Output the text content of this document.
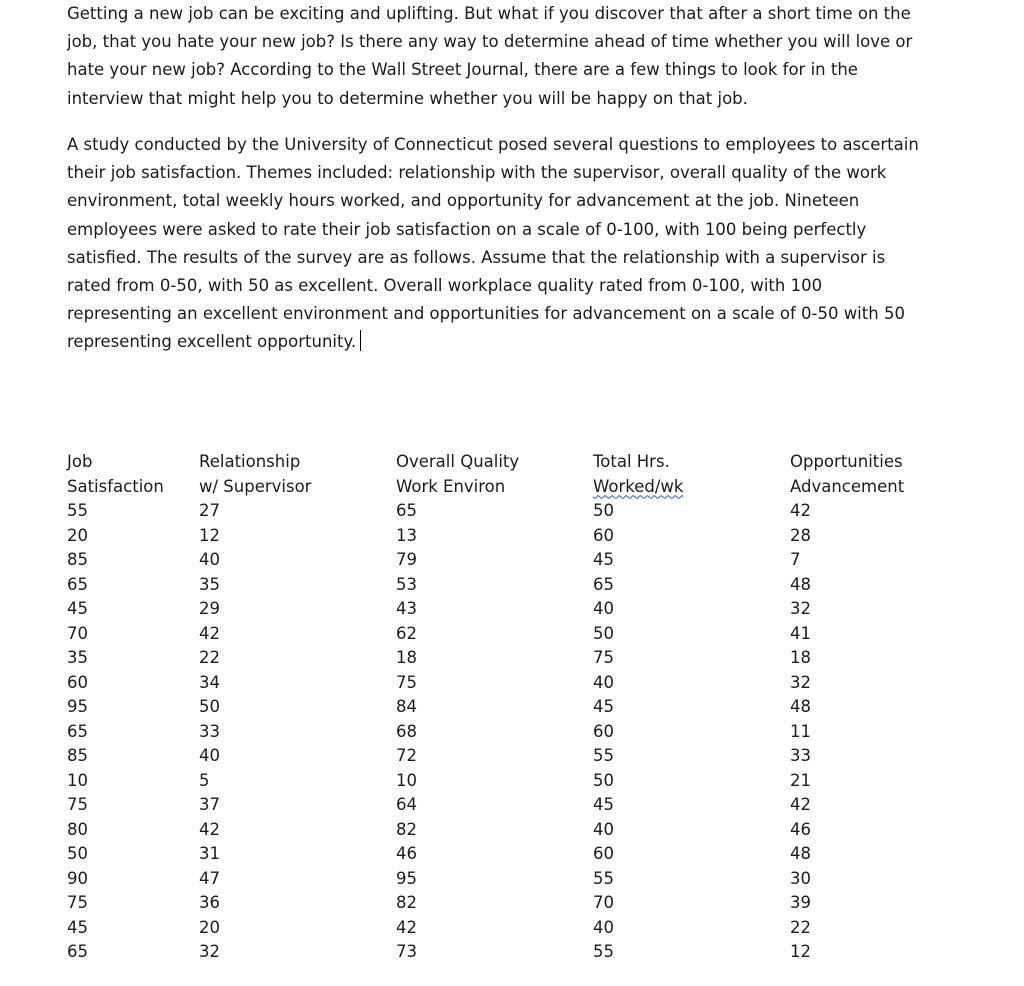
Getting a new job can be exciting and uplifting. But what if you discover that after a short time on the job, that you hate your new job? Is there any way to determine ahead of time whether you will love or hate your new job? According to the Wall Street Journal, there are a few things to look for in the interview that might help you to determine whether you will be happy on that job.

A study conducted by the University of Connecticut posed several questions to employees to ascertain their job satisfaction. Themes included: relationship with the supervisor, overall quality of the work environment, total weekly hours worked, and opportunity for advancement at the job. Nineteen employees were asked to rate their job satisfaction on a scale of 0-100, with 100 being perfectly satisfied. The results of the survey are as follows. Assume that the relationship with a supervisor is rated from 0-50, with 50 as excellent. Overall workplace quality rated from 0-100, with 100 representing an excellent environment and opportunities for advancement on a scale of 0-50 with 50 representing excellent opportunity.

Job
Satisfaction
55
20
85
65
45
70
35
60
95
65
85
10
75
80
50
90
75
45
65
Relationship
w/ Supervisor
27
12
40
35
29
42
22
34
50
33
40
5
37
42
31
47
36
20
32
Overall Quality
Work Environ
65
13
79
53
43
62
18
75
84
68
72
10
64
82
46
95
82
42
73
Total Hrs.
Worked/wk
50
60
45
65
40
50
75
40
45
60
55
50
45
40
60
55
70
40
55
Opportunities
Advancement
42
28
7
48
32
41
18
32
48
11
33
21
42
46
48
30
39
22
12
